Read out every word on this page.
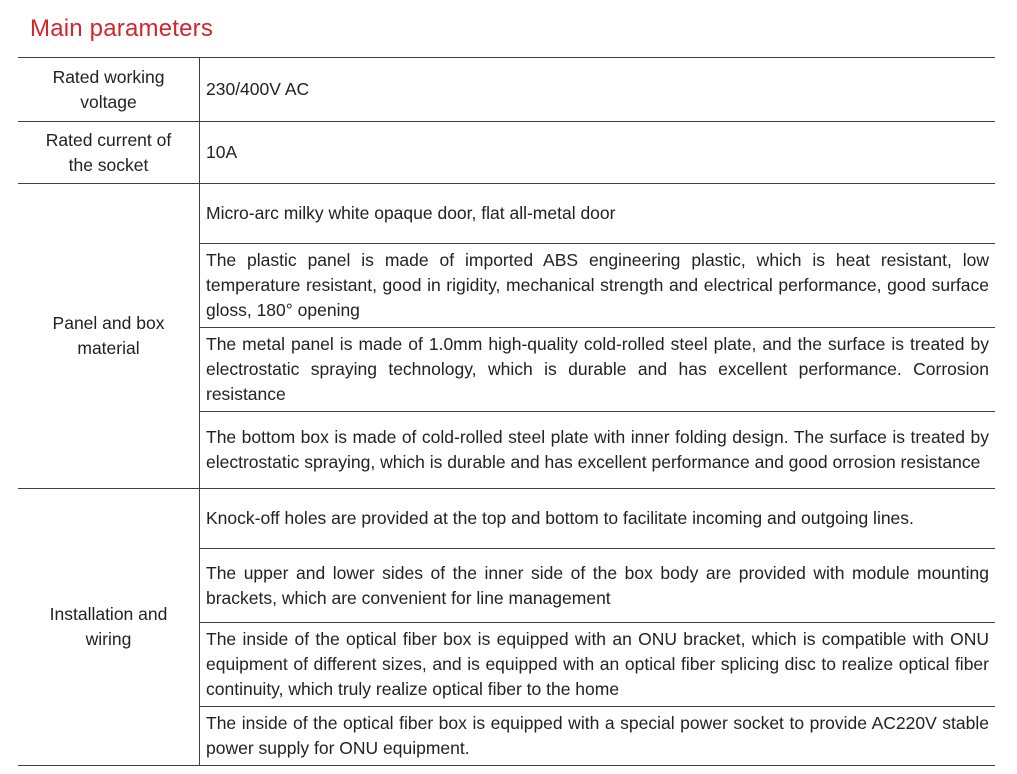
Main parameters
Rated working voltage

230/400V AC

Rated current of the socket

10A

Panel and box material

Micro-arc milky white opaque door, flat all-metal door

The plastic panel is made of imported ABS engineering plastic, which is heat resistant, low temperature resistant, good in rigidity, mechanical strength and electrical performance, good surface gloss, 180° opening

The metal panel is made of 1.0mm high-quality cold-rolled steel plate, and the surface is treated by electrostatic spraying technology, which is durable and has excellent performance. Corrosion resistance

The bottom box is made of cold-rolled steel plate with inner folding design. The surface is treated by electrostatic spraying, which is durable and has excellent performance and good orrosion resistance

Installation and wiring

Knock-off holes are provided at the top and bottom to facilitate incoming and outgoing lines.

The upper and lower sides of the inner side of the box body are provided with module mounting brackets, which are convenient for line management

The inside of the optical fiber box is equipped with an ONU bracket, which is compatible with ONU equipment of different sizes, and is equipped with an optical fiber splicing disc to realize optical fiber continuity, which truly realize optical fiber to the home

The inside of the optical fiber box is equipped with a special power socket to provide AC220V stable power supply for ONU equipment.
